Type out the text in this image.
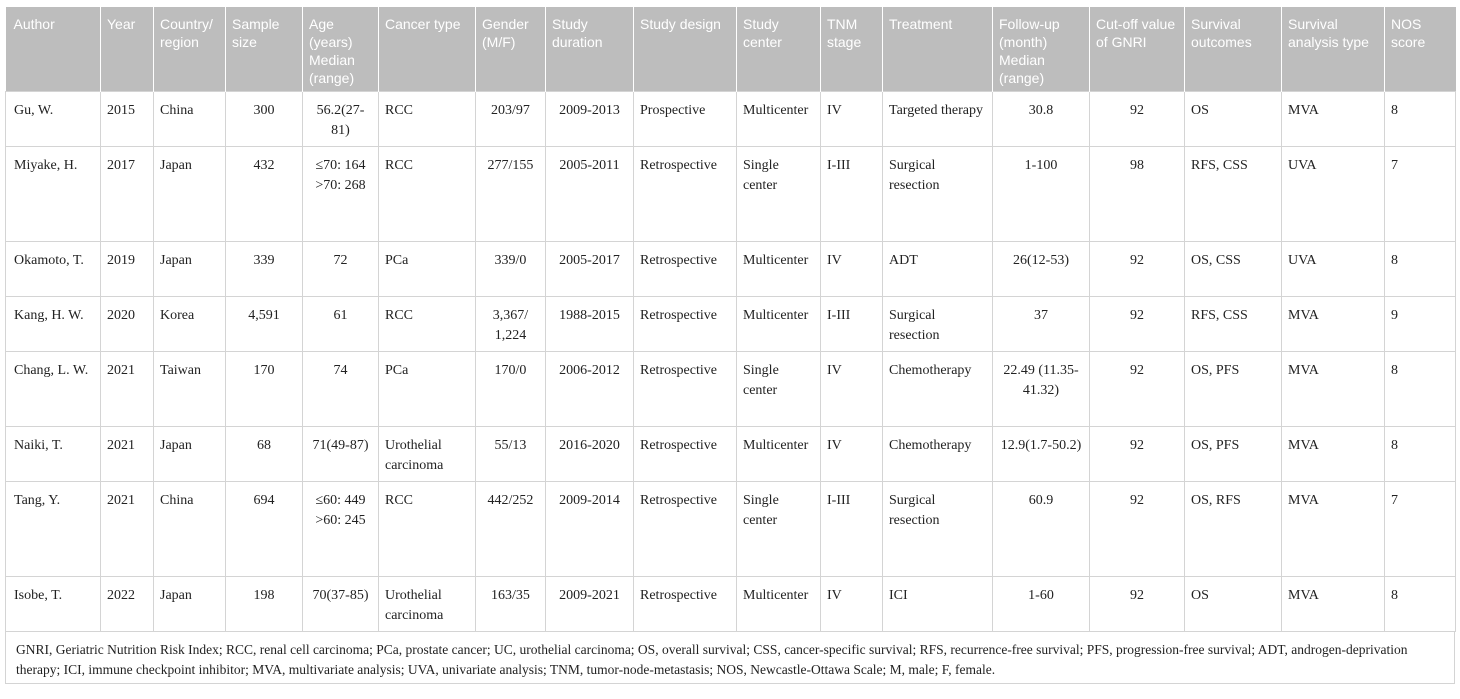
Author	Year	Country/ region	Sample size	Age (years) Median (range)	Cancer type	Gender (M/F)	Study duration	Study design	Study center	TNM stage	Treatment	Follow-up (month) Median (range)	Cut-off value of GNRI	Survival outcomes	Survival analysis type	NOS score
Gu, W.	2015	China	300	56.2(27-81)	RCC	203/97	2009-2013	Prospective	Multicenter	IV	Targeted therapy	30.8	92	OS	MVA	8
Miyake, H.	2017	Japan	432	≤70: 164 >70: 268	RCC	277/155	2005-2011	Retrospective	Single center	I-III	Surgical resection	1-100	98	RFS, CSS	UVA	7
Okamoto, T.	2019	Japan	339	72	PCa	339/0	2005-2017	Retrospective	Multicenter	IV	ADT	26(12-53)	92	OS, CSS	UVA	8
Kang, H. W.	2020	Korea	4,591	61	RCC	3,367/ 1,224	1988-2015	Retrospective	Multicenter	I-III	Surgical resection	37	92	RFS, CSS	MVA	9
Chang, L. W.	2021	Taiwan	170	74	PCa	170/0	2006-2012	Retrospective	Single center	IV	Chemotherapy	22.49 (11.35-41.32)	92	OS, PFS	MVA	8
Naiki, T.	2021	Japan	68	71(49-87)	Urothelial carcinoma	55/13	2016-2020	Retrospective	Multicenter	IV	Chemotherapy	12.9(1.7-50.2)	92	OS, PFS	MVA	8
Tang, Y.	2021	China	694	≤60: 449 >60: 245	RCC	442/252	2009-2014	Retrospective	Single center	I-III	Surgical resection	60.9	92	OS, RFS	MVA	7
Isobe, T.	2022	Japan	198	70(37-85)	Urothelial carcinoma	163/35	2009-2021	Retrospective	Multicenter	IV	ICI	1-60	92	OS	MVA	8
GNRI, Geriatric Nutrition Risk Index; RCC, renal cell carcinoma; PCa, prostate cancer; UC, urothelial carcinoma; OS, overall survival; CSS, cancer-specific survival; RFS, recurrence-free survival; PFS, progression-free survival; ADT, androgen-deprivation therapy; ICI, immune checkpoint inhibitor; MVA, multivariate analysis; UVA, univariate analysis; TNM, tumor-node-metastasis; NOS, Newcastle-Ottawa Scale; M, male; F, female.
